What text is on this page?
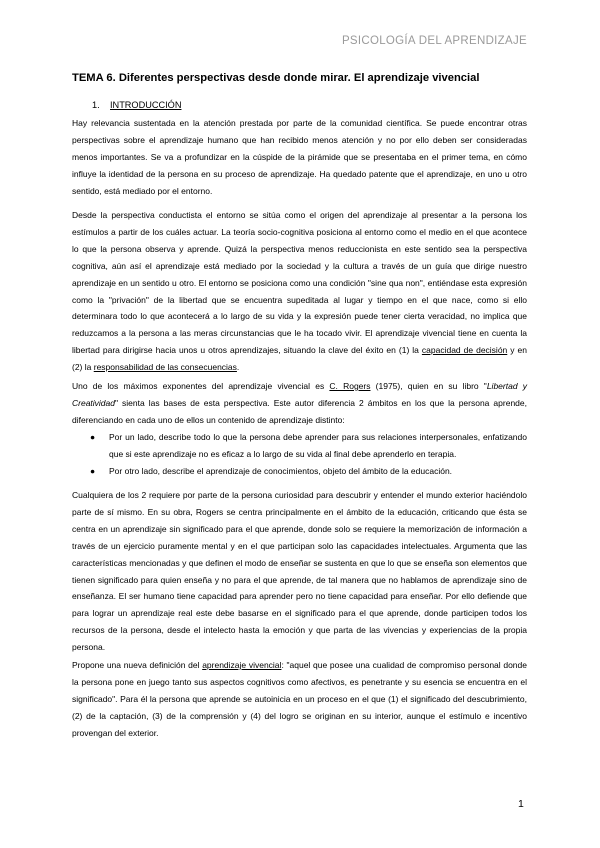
PSICOLOGÍA DEL APRENDIZAJE
TEMA 6. Diferentes perspectivas desde donde mirar. El aprendizaje vivencial
1. INTRODUCCIÓN

Hay relevancia sustentada en la atención prestada por parte de la comunidad científica. Se puede encontrar otras perspectivas sobre el aprendizaje humano que han recibido menos atención y no por ello deben ser consideradas menos importantes. Se va a profundizar en la cúspide de la pirámide que se presentaba en el primer tema, en cómo influye la identidad de la persona en su proceso de aprendizaje. Ha quedado patente que el aprendizaje, en uno u otro sentido, está mediado por el entorno.

Desde la perspectiva conductista el entorno se sitúa como el origen del aprendizaje al presentar a la persona los estímulos a partir de los cuáles actuar. La teoría socio-cognitiva posiciona al entorno como el medio en el que acontece lo que la persona observa y aprende. Quizá la perspectiva menos reduccionista en este sentido sea la perspectiva cognitiva, aún así el aprendizaje está mediado por la sociedad y la cultura a través de un guía que dirige nuestro aprendizaje en un sentido u otro. El entorno se posiciona como una condición "sine qua non", entiéndase esta expresión como la "privación" de la libertad que se encuentra supeditada al lugar y tiempo en el que nace, como si ello determinara todo lo que acontecerá a lo largo de su vida y la expresión puede tener cierta veracidad, no implica que reduzcamos a la persona a las meras circunstancias que le ha tocado vivir. El aprendizaje vivencial tiene en cuenta la libertad para dirigirse hacia unos u otros aprendizajes, situando la clave del éxito en (1) la capacidad de decisión y en (2) la responsabilidad de las consecuencias.

Uno de los máximos exponentes del aprendizaje vivencial es C. Rogers (1975), quien en su libro "Libertad y Creatividad" sienta las bases de esta perspectiva. Este autor diferencia 2 ámbitos en los que la persona aprende, diferenciando en cada uno de ellos un contenido de aprendizaje distinto:

● Por un lado, describe todo lo que la persona debe aprender para sus relaciones interpersonales, enfatizando que si este aprendizaje no es eficaz a lo largo de su vida al final debe aprenderlo en terapia.
● Por otro lado, describe el aprendizaje de conocimientos, objeto del ámbito de la educación.

Cualquiera de los 2 requiere por parte de la persona curiosidad para descubrir y entender el mundo exterior haciéndolo parte de sí mismo. En su obra, Rogers se centra principalmente en el ámbito de la educación, criticando que ésta se centra en un aprendizaje sin significado para el que aprende, donde solo se requiere la memorización de información a través de un ejercicio puramente mental y en el que participan solo las capacidades intelectuales. Argumenta que las características mencionadas y que definen el modo de enseñar se sustenta en que lo que se enseña son elementos que tienen significado para quien enseña y no para el que aprende, de tal manera que no hablamos de aprendizaje sino de enseñanza. El ser humano tiene capacidad para aprender pero no tiene capacidad para enseñar. Por ello defiende que para lograr un aprendizaje real este debe basarse en el significado para el que aprende, donde participen todos los recursos de la persona, desde el intelecto hasta la emoción y que parta de las vivencias y experiencias de la propia persona.

Propone una nueva definición del aprendizaje vivencial: "aquel que posee una cualidad de compromiso personal donde la persona pone en juego tanto sus aspectos cognitivos como afectivos, es penetrante y su esencia se encuentra en el significado". Para él la persona que aprende se autoinicia en un proceso en el que (1) el significado del descubrimiento, (2) de la captación, (3) de la comprensión y (4) del logro se originan en su interior, aunque el estímulo e incentivo provengan del exterior.

1
